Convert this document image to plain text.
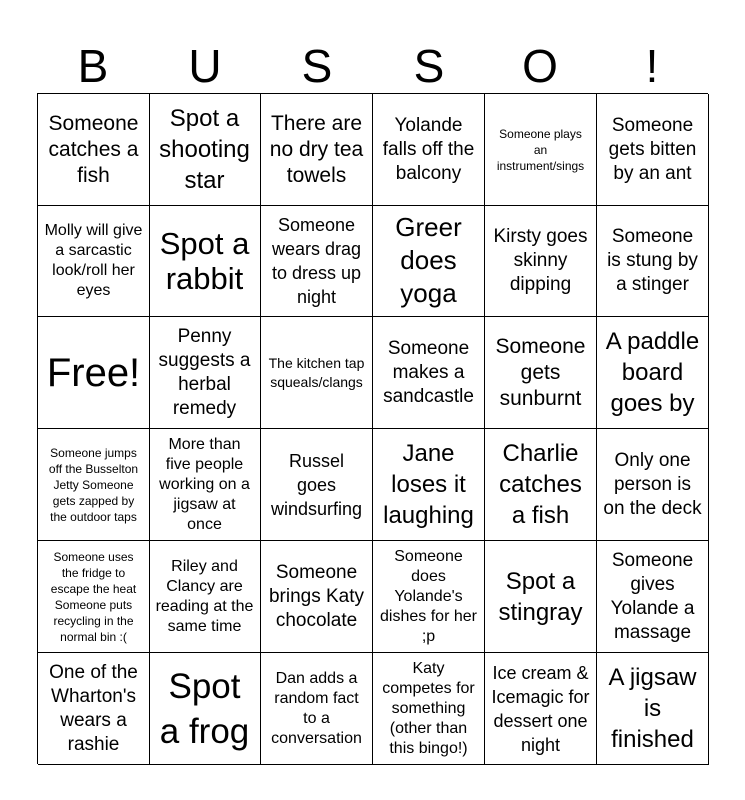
B	U	S	S	O	!
Someone catches a fish
Spot a shooting star
There are no dry tea towels
Yolande falls off the balcony
Someone plays an instrument/sings
Someone gets bitten by an ant
Molly will give a sarcastic look/roll her eyes
Spot a rabbit
Someone wears drag to dress up night
Greer does yoga
Kirsty goes skinny dipping
Someone is stung by a stinger
Free!
Penny suggests a herbal remedy
The kitchen tap squeals/clangs
Someone makes a sandcastle
Someone gets sunburnt
A paddle board goes by
Someone jumps off the Busselton Jetty Someone gets zapped by the outdoor taps
More than five people working on a jigsaw at once
Russel goes windsurfing
Jane loses it laughing
Charlie catches a fish
Only one person is on the deck
Someone uses the fridge to escape the heat Someone puts recycling in the normal bin :(
Riley and Clancy are reading at the same time
Someone brings Katy chocolate
Someone does Yolande's dishes for her ;p
Spot a stingray
Someone gives Yolande a massage
One of the Wharton's wears a rashie
Spot a frog
Dan adds a random fact to a conversation
Katy competes for something (other than this bingo!)
Ice cream & Icemagic for dessert one night
A jigsaw is finished
